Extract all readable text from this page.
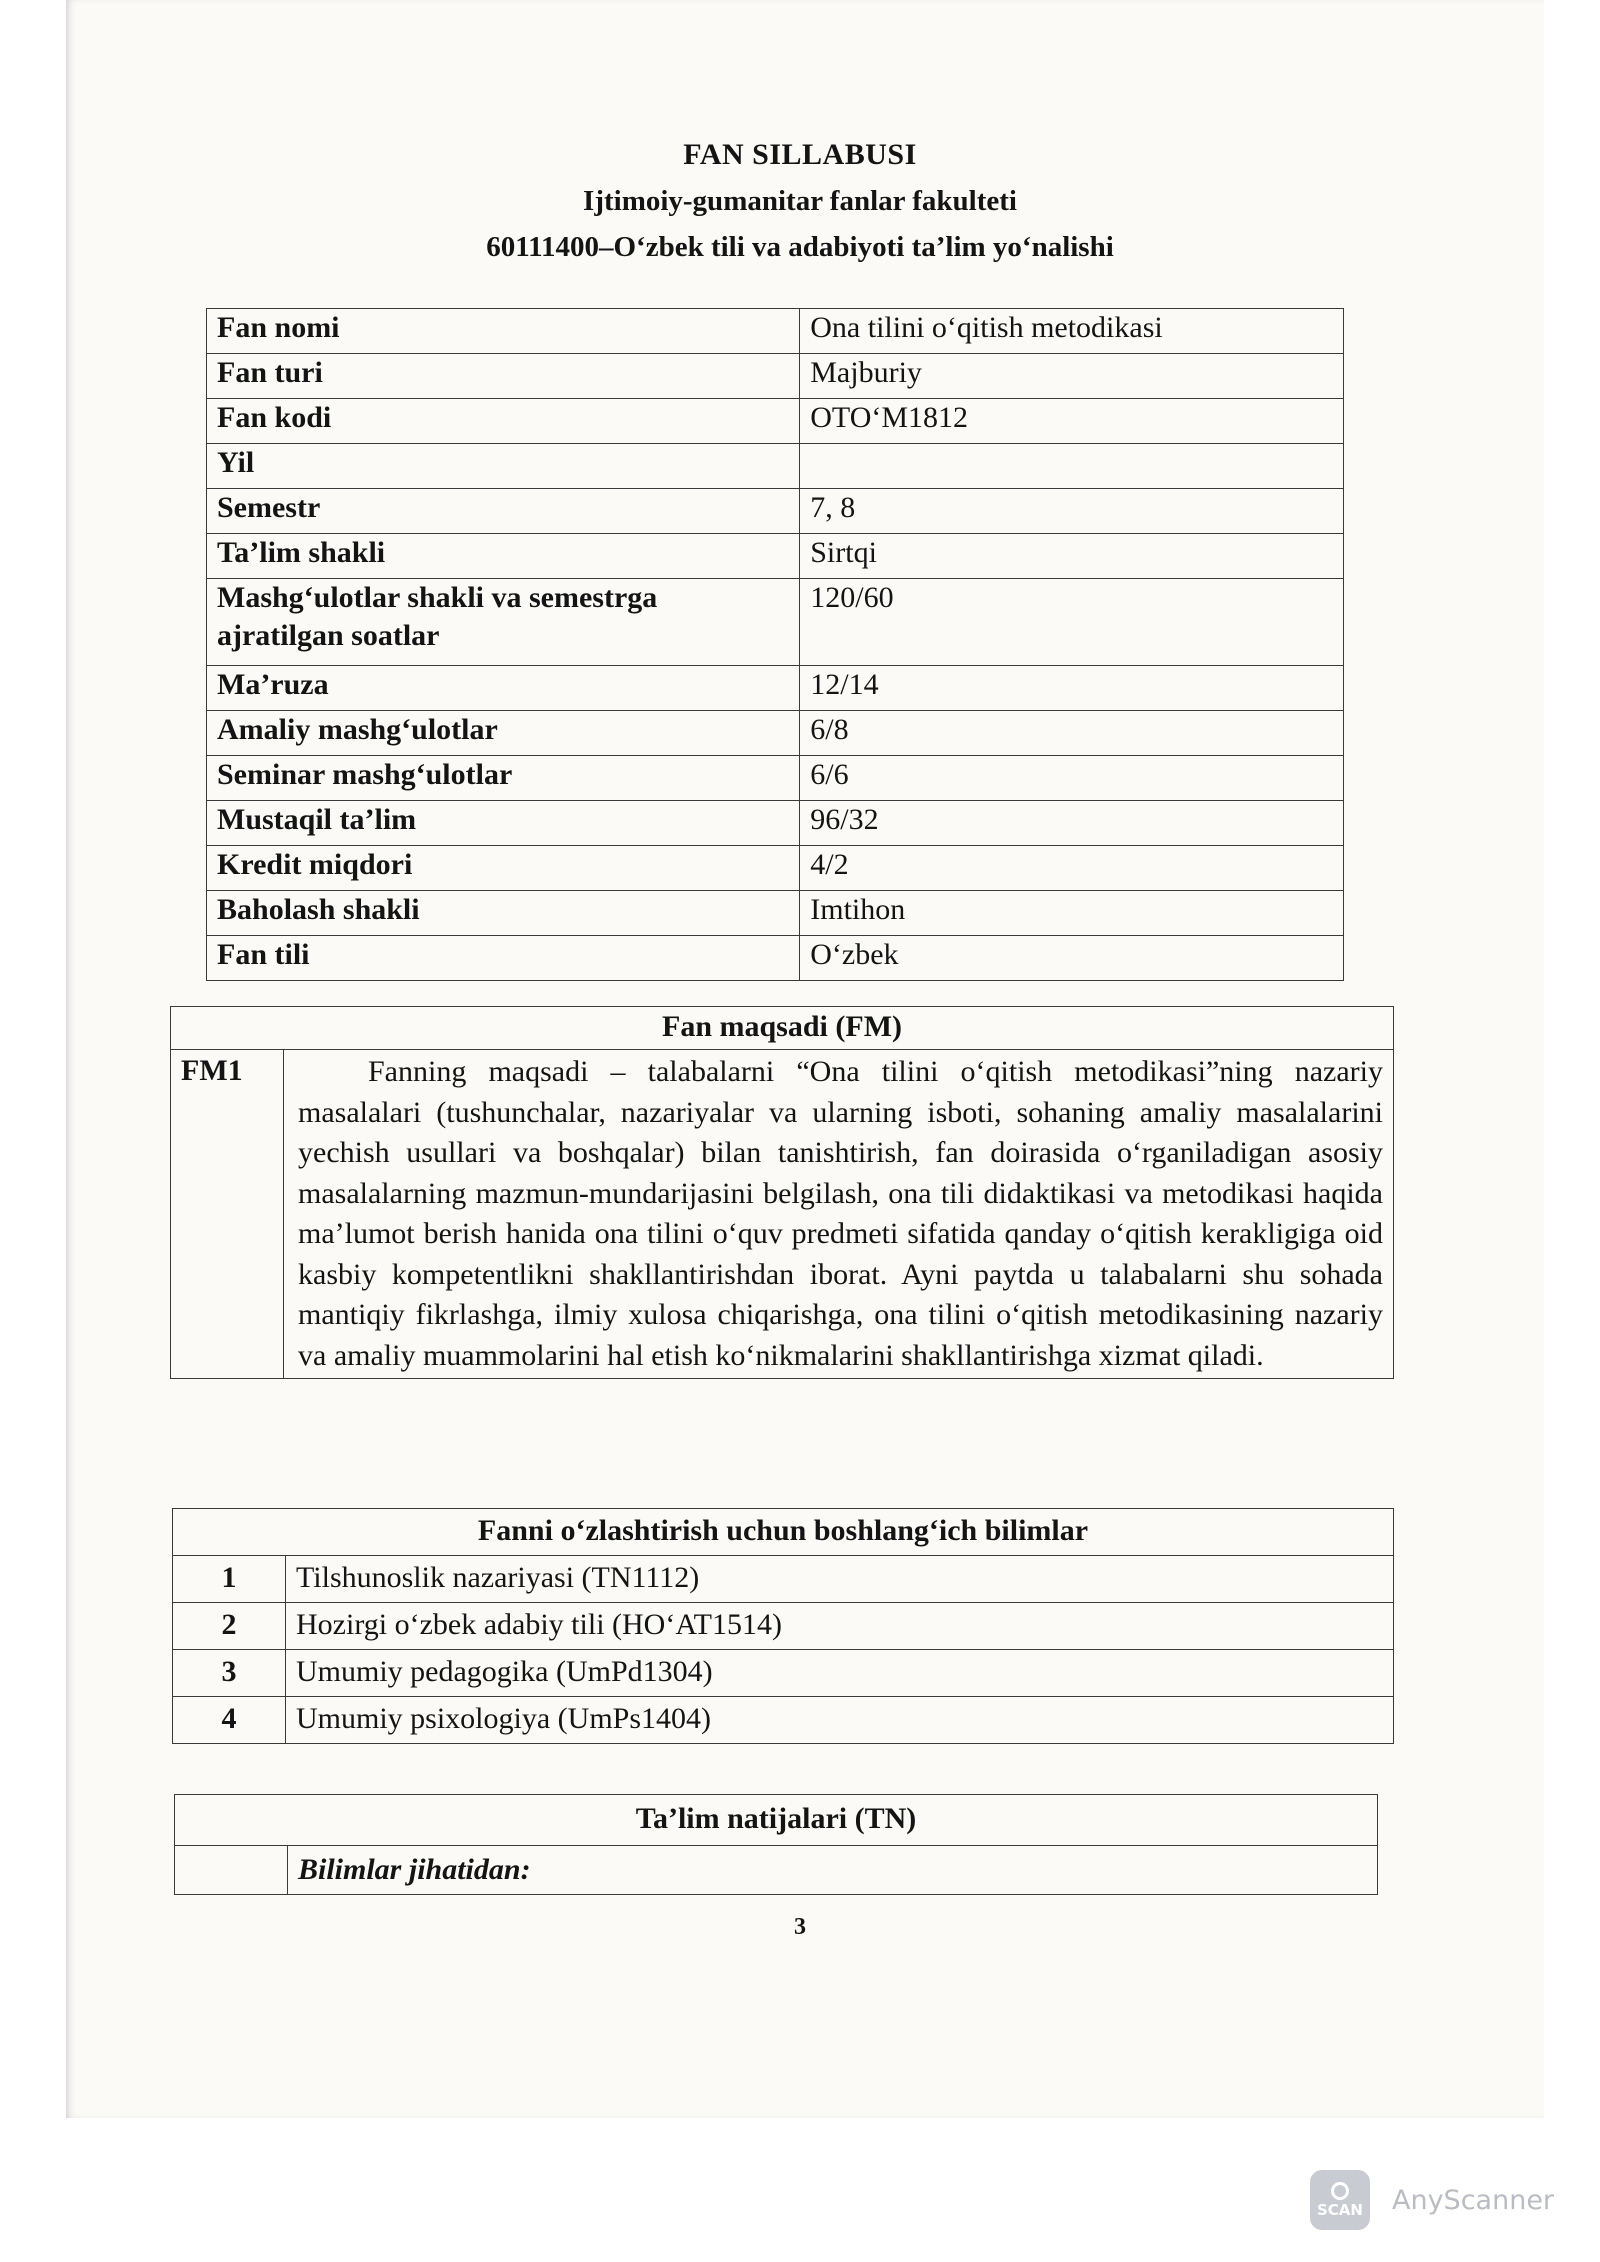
FAN SILLABUSI
Ijtimoiy-gumanitar fanlar fakulteti
60111400–O‘zbek tili va adabiyoti ta’lim yo‘nalishi
Fan nomi	Ona tilini o‘qitish metodikasi
Fan turi	Majburiy
Fan kodi	OTO‘M1812
Yil	
Semestr	7, 8
Ta’lim shakli	Sirtqi
Mashg‘ulotlar shakli va semestrga ajratilgan soatlar	120/60
Ma’ruza	12/14
Amaliy mashg‘ulotlar	6/8
Seminar mashg‘ulotlar	6/6
Mustaqil ta’lim	96/32
Kredit miqdori	4/2
Baholash shakli	Imtihon
Fan tili	O‘zbek
Fan maqsadi (FM)
FM1	Fanning maqsadi – talabalarni “Ona tilini o‘qitish metodikasi”ning nazariy masalalari (tushunchalar, nazariyalar va ularning isboti, sohaning amaliy masalalarini yechish usullari va boshqalar) bilan tanishtirish, fan doirasida o‘rganiladigan asosiy masalalarning mazmun-mundarijasini belgilash, ona tili didaktikasi va metodikasi haqida ma’lumot berish hanida ona tilini o‘quv predmeti sifatida qanday o‘qitish kerakligiga oid kasbiy kompetentlikni shakllantirishdan iborat. Ayni paytda u talabalarni shu sohada mantiqiy fikrlashga, ilmiy xulosa chiqarishga, ona tilini o‘qitish metodikasining nazariy va amaliy muammolarini hal etish ko‘nikmalarini shakllantirishga xizmat qiladi.
Fanni o‘zlashtirish uchun boshlang‘ich bilimlar	
1	Tilshunoslik nazariyasi (TN1112)
2	Hozirgi o‘zbek adabiy tili (HO‘AT1514)
3	Umumiy pedagogika (UmPd1304)
4	Umumiy psixologiya (UmPs1404)
Ta’lim natijalari (TN)
	Bilimlar jihatidan:
3
SCAN AnyScanner
